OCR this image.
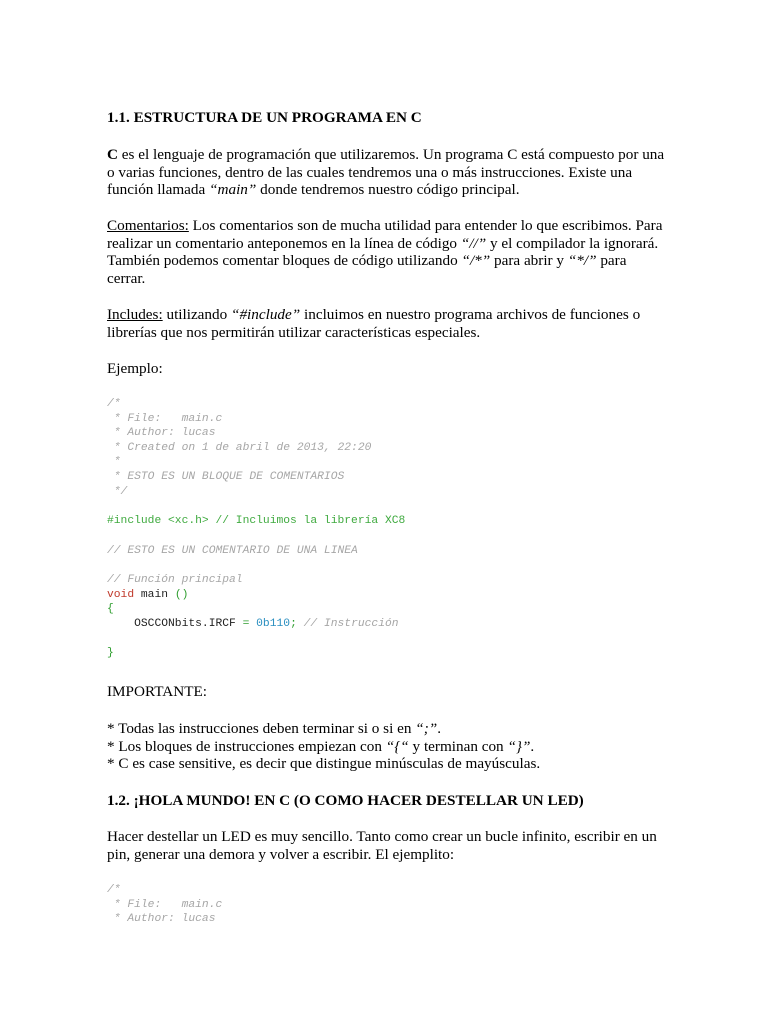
1.1. ESTRUCTURA DE UN PROGRAMA EN C

C es el lenguaje de programación que utilizaremos. Un programa C está compuesto por una

o varias funciones, dentro de las cuales tendremos una o más instrucciones. Existe una

función llamada “main” donde tendremos nuestro código principal.

Comentarios: Los comentarios son de mucha utilidad para entender lo que escribimos. Para

realizar un comentario anteponemos en la línea de código “//” y el compilador la ignorará.

También podemos comentar bloques de código utilizando “/*” para abrir y “*/” para

cerrar.

Includes: utilizando “#include” incluimos en nuestro programa archivos de funciones o

librerías que nos permitirán utilizar características especiales.

Ejemplo:

/*
* File:   main.c
* Author: lucas
* Created on 1 de abril de 2013, 22:20
*
* ESTO ES UN BLOQUE DE COMENTARIOS
*/
#include <xc.h> // Incluimos la librería XC8
// ESTO ES UN COMENTARIO DE UNA LINEA
// Función principal
void main ()
{
OSCCONbits.IRCF = 0b110; // Instrucción
}

IMPORTANTE:

* Todas las instrucciones deben terminar si o si en “;”.

* Los bloques de instrucciones empiezan con “{“ y terminan con “}”.

* C es case sensitive, es decir que distingue minúsculas de mayúsculas.

1.2. ¡HOLA MUNDO! EN C (O COMO HACER DESTELLAR UN LED)

Hacer destellar un LED es muy sencillo. Tanto como crear un bucle infinito, escribir en un

pin, generar una demora y volver a escribir. El ejemplito:

/*
* File:   main.c
* Author: lucas
